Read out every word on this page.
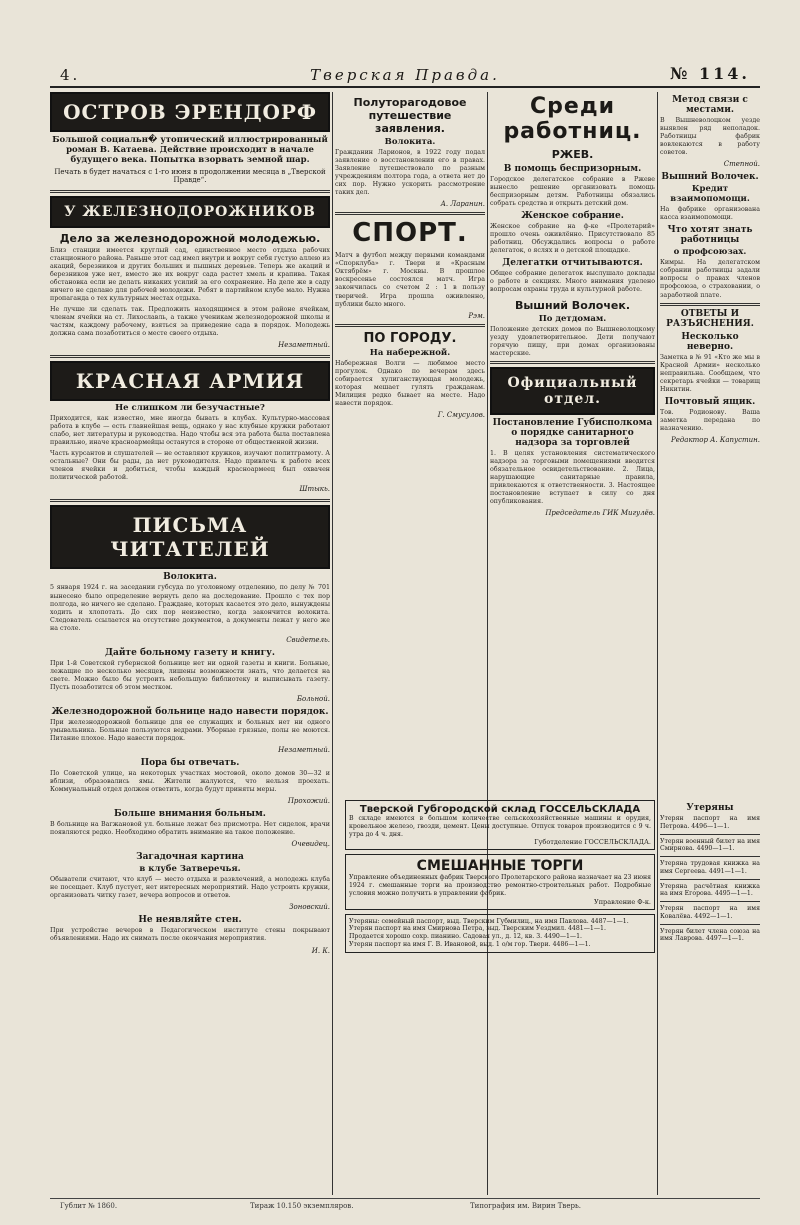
4.	Тверская Правда.	№ 114.
ОСТРОВ ЭРЕНДОРФ
Большой социальн� утопический иллюстрированный роман В. Катаева. Действие происходит в начале будущего века. Попытка взорвать земной шар.
Печать в будет начаться с 1-го июня в продолжении месяца в „Тверской Правде“.
У ЖЕЛЕЗНОДОРОЖНИКОВ
Дело за железнодорожной молодежью.

Близ станции имеется круглый сад, единственное место отдыха рабочих станционного района. Раньше этот сад имел внутри и вокруг себя густую аллею из акаций, березников и других больших и пышных деревьев. Теперь же акаций и березников уже нет, вместо же их вокруг сада растет хмель и крапива. Такая обстановка если не делать никаких усилий за его сохранение. На деле же в саду ничего не сделано для рабочей молодежи. Ребят в партийном клубе мало. Нужна пропаганда о тех культурных местах отдыха.

Не лучше ли сделать так. Предложить находящимся в этом районе ячейкам, членам ячейки на ст. Лихославль, а также ученикам железнодорожной школы и частям, каждому рабочему, взяться за приведение сада в порядок. Молодежь должна сама позаботиться о месте своего отдыха.

Незаметный.
КРАСНАЯ АРМИЯ
Не слишком ли безучастные?

Приходится, как известно, мне иногда бывать в клубах. Культурно-массовая работа в клубе — есть главнейшая вещь, однако у нас клубные кружки работают слабо, нет литературы и руководства. Надо чтобы вся эта работа была поставлена правильно, иначе красноармейцы останутся в стороне от общественной жизни.

Часть курсантов и слушателей — не оставляют кружков, изучают политграмоту. А остальные? Они бы рады, да нет руководителя. Надо привлечь к работе всех членов ячейки и добиться, чтобы каждый красноармеец был охвачен политической работой.

Штыкь.
ПИСЬМА ЧИТАТЕЛЕЙ
Волокита.

5 января 1924 г. на заседании губсуда по уголовному отделению, по делу № 701 вынесено было определение вернуть дело на доследование. Прошло с тех пор полгода, но ничего не сделано. Граждане, которых касается это дело, вынуждены ходить и хлопотать. До сих пор неизвестно, когда закончится волокита. Следователь ссылается на отсутствие документов, а документы лежат у него же на столе.

Свидетель.
Дайте больному газету и книгу.

При 1-й Советской губернской больнице нет ни одной газеты и книги. Больные, лежащие по несколько месяцев, лишены возможности знать, что делается на свете. Можно было бы устроить небольшую библиотеку и выписывать газету. Пусть позаботится об этом местком.

Больной.
Железнодорожной больнице надо навести порядок.

При железнодорожной больнице для ее служащих и больных нет ни одного умывальника. Больные пользуются ведрами. Уборные грязные, полы не моются. Питание плохое. Надо навести порядок.

Незаметный.
Пора бы отвечать.

По Советской улице, на некоторых участках мостовой, около домов 30—32 и вблизи, образовались ямы. Жители жалуются, что нельзя проехать. Коммунальный отдел должен ответить, когда будут приняты меры.

Прохожий.
Больше внимания больным.

В больнице на Вагжановой ул. больные лежат без присмотра. Нет сиделок, врачи появляются редко. Необходимо обратить внимание на такое положение.

Очевидец.
Загадочная картина
в клубе Затверечья.

Обыватели считают, что клуб — место отдыха и развлечений, а молодежь клуба не посещает. Клуб пустует, нет интересных мероприятий. Надо устроить кружки, организовать читку газет, вечера вопросов и ответов.

Зоновский.
Не неявляйте стен.

При устройстве вечеров в Педагогическом институте стены покрывают объявлениями. Надо их снимать после окончания мероприятия.

И. К.
Полуторагодовое путешествие заявления.
Волокита.

Гражданин Ларионов, в 1922 году подал заявление о восстановлении его в правах. Заявление путешествовало по разным учреждениям полтора года, а ответа нет до сих пор. Нужно ускорить рассмотрение таких дел.

А. Ларанин.
СПОРТ.

Матч в футбол между первыми командами «Спорклуба» г. Твери и «Красным Октябрём» г. Москвы. В прошлое воскресенье состоялся матч. Игра закончилась со счетом 2 : 1 в пользу тверичей. Игра прошла оживленно, публики было много.

Рэм.
ПО ГОРОДУ.
На набережной.

Набережная Волги — любимое место прогулок. Однако по вечерам здесь собирается хулиганствующая молодежь, которая мешает гулять гражданам. Милиция редко бывает на месте. Надо навести порядок.

Г. Смусулов.
Среди работниц.
РЖЕВ.
В помощь беспризорным.

Городское делегатское собрание в Ржеве вынесло решение организовать помощь беспризорным детям. Работницы обязались собрать средства и открыть детский дом.

Женское собрание.

Женское собрание на ф-ке «Пролетарий» прошло очень оживлённо. Присутствовало 85 работниц. Обсуждались вопросы о работе делегаток, о яслях и о детской площадке.

Делегатки отчитываются.

Общее собрание делегаток выслушало доклады о работе в секциях. Много внимания уделено вопросам охраны труда и культурной работе.

Вышний Волочек.
По детдомам.

Положение детских домов по Вышневолоцкому уезду удовлетворительное. Дети получают горячую пищу, при домах организованы мастерские.

Официальный отдел.
Постановление Губисполкома о порядке санитарного надзора за торговлей

1. В целях установления систематического надзора за торговыми помещениями вводится обязательное освидетельствование. 2. Лица, нарушающие санитарные правила, привлекаются к ответственности. 3. Настоящее постановление вступает в силу со дня опубликования.

Председатель ГИК Мигулёв.
Метод связи с местами.

В Вышневолоцком уезде выявлен ряд неполадок. Работницы фабрик вовлекаются в работу советов.

Степной.
Вышний Волочек.
Кредит взаимопомощи.

На фабрике организована касса взаимопомощи.

Что хотят знать работницы
о профсоюзах.

Кимры. На делегатском собрании работницы задали вопросы о правах членов профсоюза, о страховании, о заработной плате.

ОТВЕТЫ И РАЗЪЯСНЕНИЯ.
Несколько неверно.

Заметка в № 91 «Кто же мы в Красной Армии» несколько неправильна. Сообщаем, что секретарь ячейки — товарищ Никитин.

Почтовый ящик.

Тов. Родионову. Ваша заметка передана по назначению.

Редактор А. Капустин.
Тверской Губгородской склад ГОССЕЛЬСКЛАДА
В складе имеются в большом количестве сельскохозяйственные машины и орудия, кровельное железо, гвозди, цемент. Цены доступные. Отпуск товаров производится с 9 ч. утра до 4 ч. дня.
Губотделение ГОССЕЛЬСКЛАДА.
СМЕШАННЫЕ ТОРГИ
Управление объединенных фабрик Тверского Пролетарского района назначает на 23 июня 1924 г. смешанные торги на производство ремонтно-строительных работ. Подробные условия можно получить в управлении фабрик.
Управление Ф-к.
Утеряны: семейный паспорт, выд. Тверским Губмилиц., на имя Павлова. 4487—1—1.
Утерян паспорт на имя Смирнова Петра, выд. Тверским Уездмил. 4481—1—1.
Продается хорошо сохр. пианино. Садовая ул., д. 12, кв. 3. 4490—1—1.
Утерян паспорт на имя Г. В. Ивановой, выд. 1 о/м гор. Твери. 4486—1—1.
Утеряны
Утерян паспорт на имя Петрова. 4496—1—1.
Утерян военный билет на имя Смирнова. 4490—1—1.
Утеряна трудовая книжка на имя Сергеева. 4491—1—1.
Утеряна расчётная книжка на имя Егорова. 4495—1—1.
Утерян паспорт на имя Ковалёва. 4492—1—1.
Утерян билет члена союза на имя Лаврова. 4497—1—1.
Гублит № 1860.	Тираж 10.150 экземпляров.	Типография им. Вирин Тверь.
